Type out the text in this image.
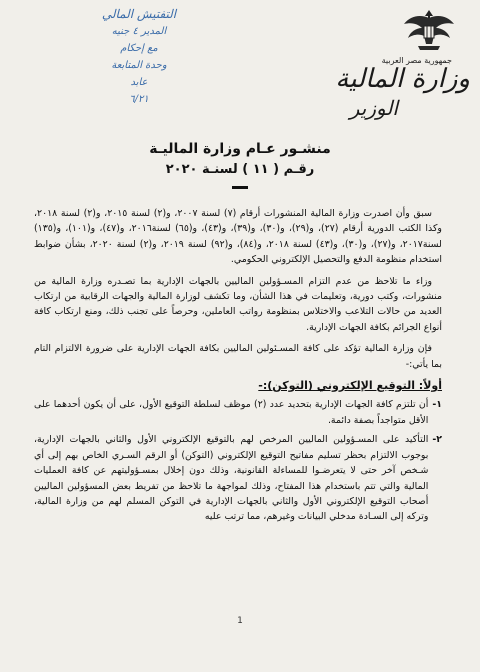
جمهورية مصر العربية
وزارة المالية
الوزير
التفتيش المالي
المدير ٤ جنيه
مع إحكام
وحدة المتابعة
عابد
٦/٢١
منشـور عـام وزارة الماليـة
رقـم ( ١١ ) لسنـة ٢٠٢٠

سبق وأن اصدرت وزارة المالية المنشورات أرقام (٧) لسنة ٢٠٠٧، و(٢) لسنة ٢٠١٥، و(٢) لسنة ٢٠١٨، وكذا الكتب الدورية أرقام (٢٧)، و(٢٩)، و(٣٠)، و(٣٩)، و(٤٣)، و(٦٥) لسنة٢٠١٦، و(٤٧)، و(١٠١)، و(١٣٥) لسنة٢٠١٧، و(٢٧)، و(٣٠)، و(٤٣) لسنة ٢٠١٨، و(٨٤)، و(٩٢) لسنة ٢٠١٩، و(٢) لسنة ٢٠٢٠، بشأن ضوابط استخدام منظومة الدفع والتحصيل الإلكتروني الحكومي.

وزاء ما تلاحظ من عدم التزام المسـؤولين الماليين بالجهات الإدارية بما تصـدره وزارة المالية من منشورات، وكتب دورية، وتعليمات في هذا الشأن، وما تكشف لوزارة المالية والجهات الرقابية من ارتكاب العديد من حالات التلاعب والاختلاس بمنظومة رواتب العاملين، وحرصاً على تجنب ذلك، ومنع ارتكاب كافة أنواع الجرائم بكافة الجهات الإدارية.

فإن وزارة المالية تؤكد على كافة المسـئولين الماليين بكافة الجهات الإدارية على ضرورة الالتزام التام بما يأتي:-

أولاً: التوقيع الإلكتروني (التوكن):-
١-
أن تلتزم كافة الجهات الإدارية بتحديد عدد (٢) موظف لسلطة التوقيع الأول، على أن يكون أحدهما على الأقل متواجداً بصفة دائمة.
٢-
التأكيد على المسـؤولين الماليين المرخص لهم بالتوقيع الإلكتروني الأول والثاني بالجهات الإدارية، بوجوب الالتزام بحظر تسليم مفاتيح التوقيع الإلكتروني (التوكن) أو الرقم السـري الخاص بهم إلى أي شـخص آخر حتى لا يتعرضـوا للمساءلة القانونية، وذلك دون إخلال بمسـؤوليتهم عن كافة العمليات المالية والتي تتم باستخدام هذا المفتاح، وذلك لمواجهة ما تلاحظ من تفريط بعض المسؤولين الماليين أصحاب التوقيع الإلكتروني الأول والثاني بالجهات الإدارية في التوكن المسلم لهم من وزارة المالية، وتركه إلى السـادة مدخلي البيانات وغيرهم، مما ترتب عليه
1
